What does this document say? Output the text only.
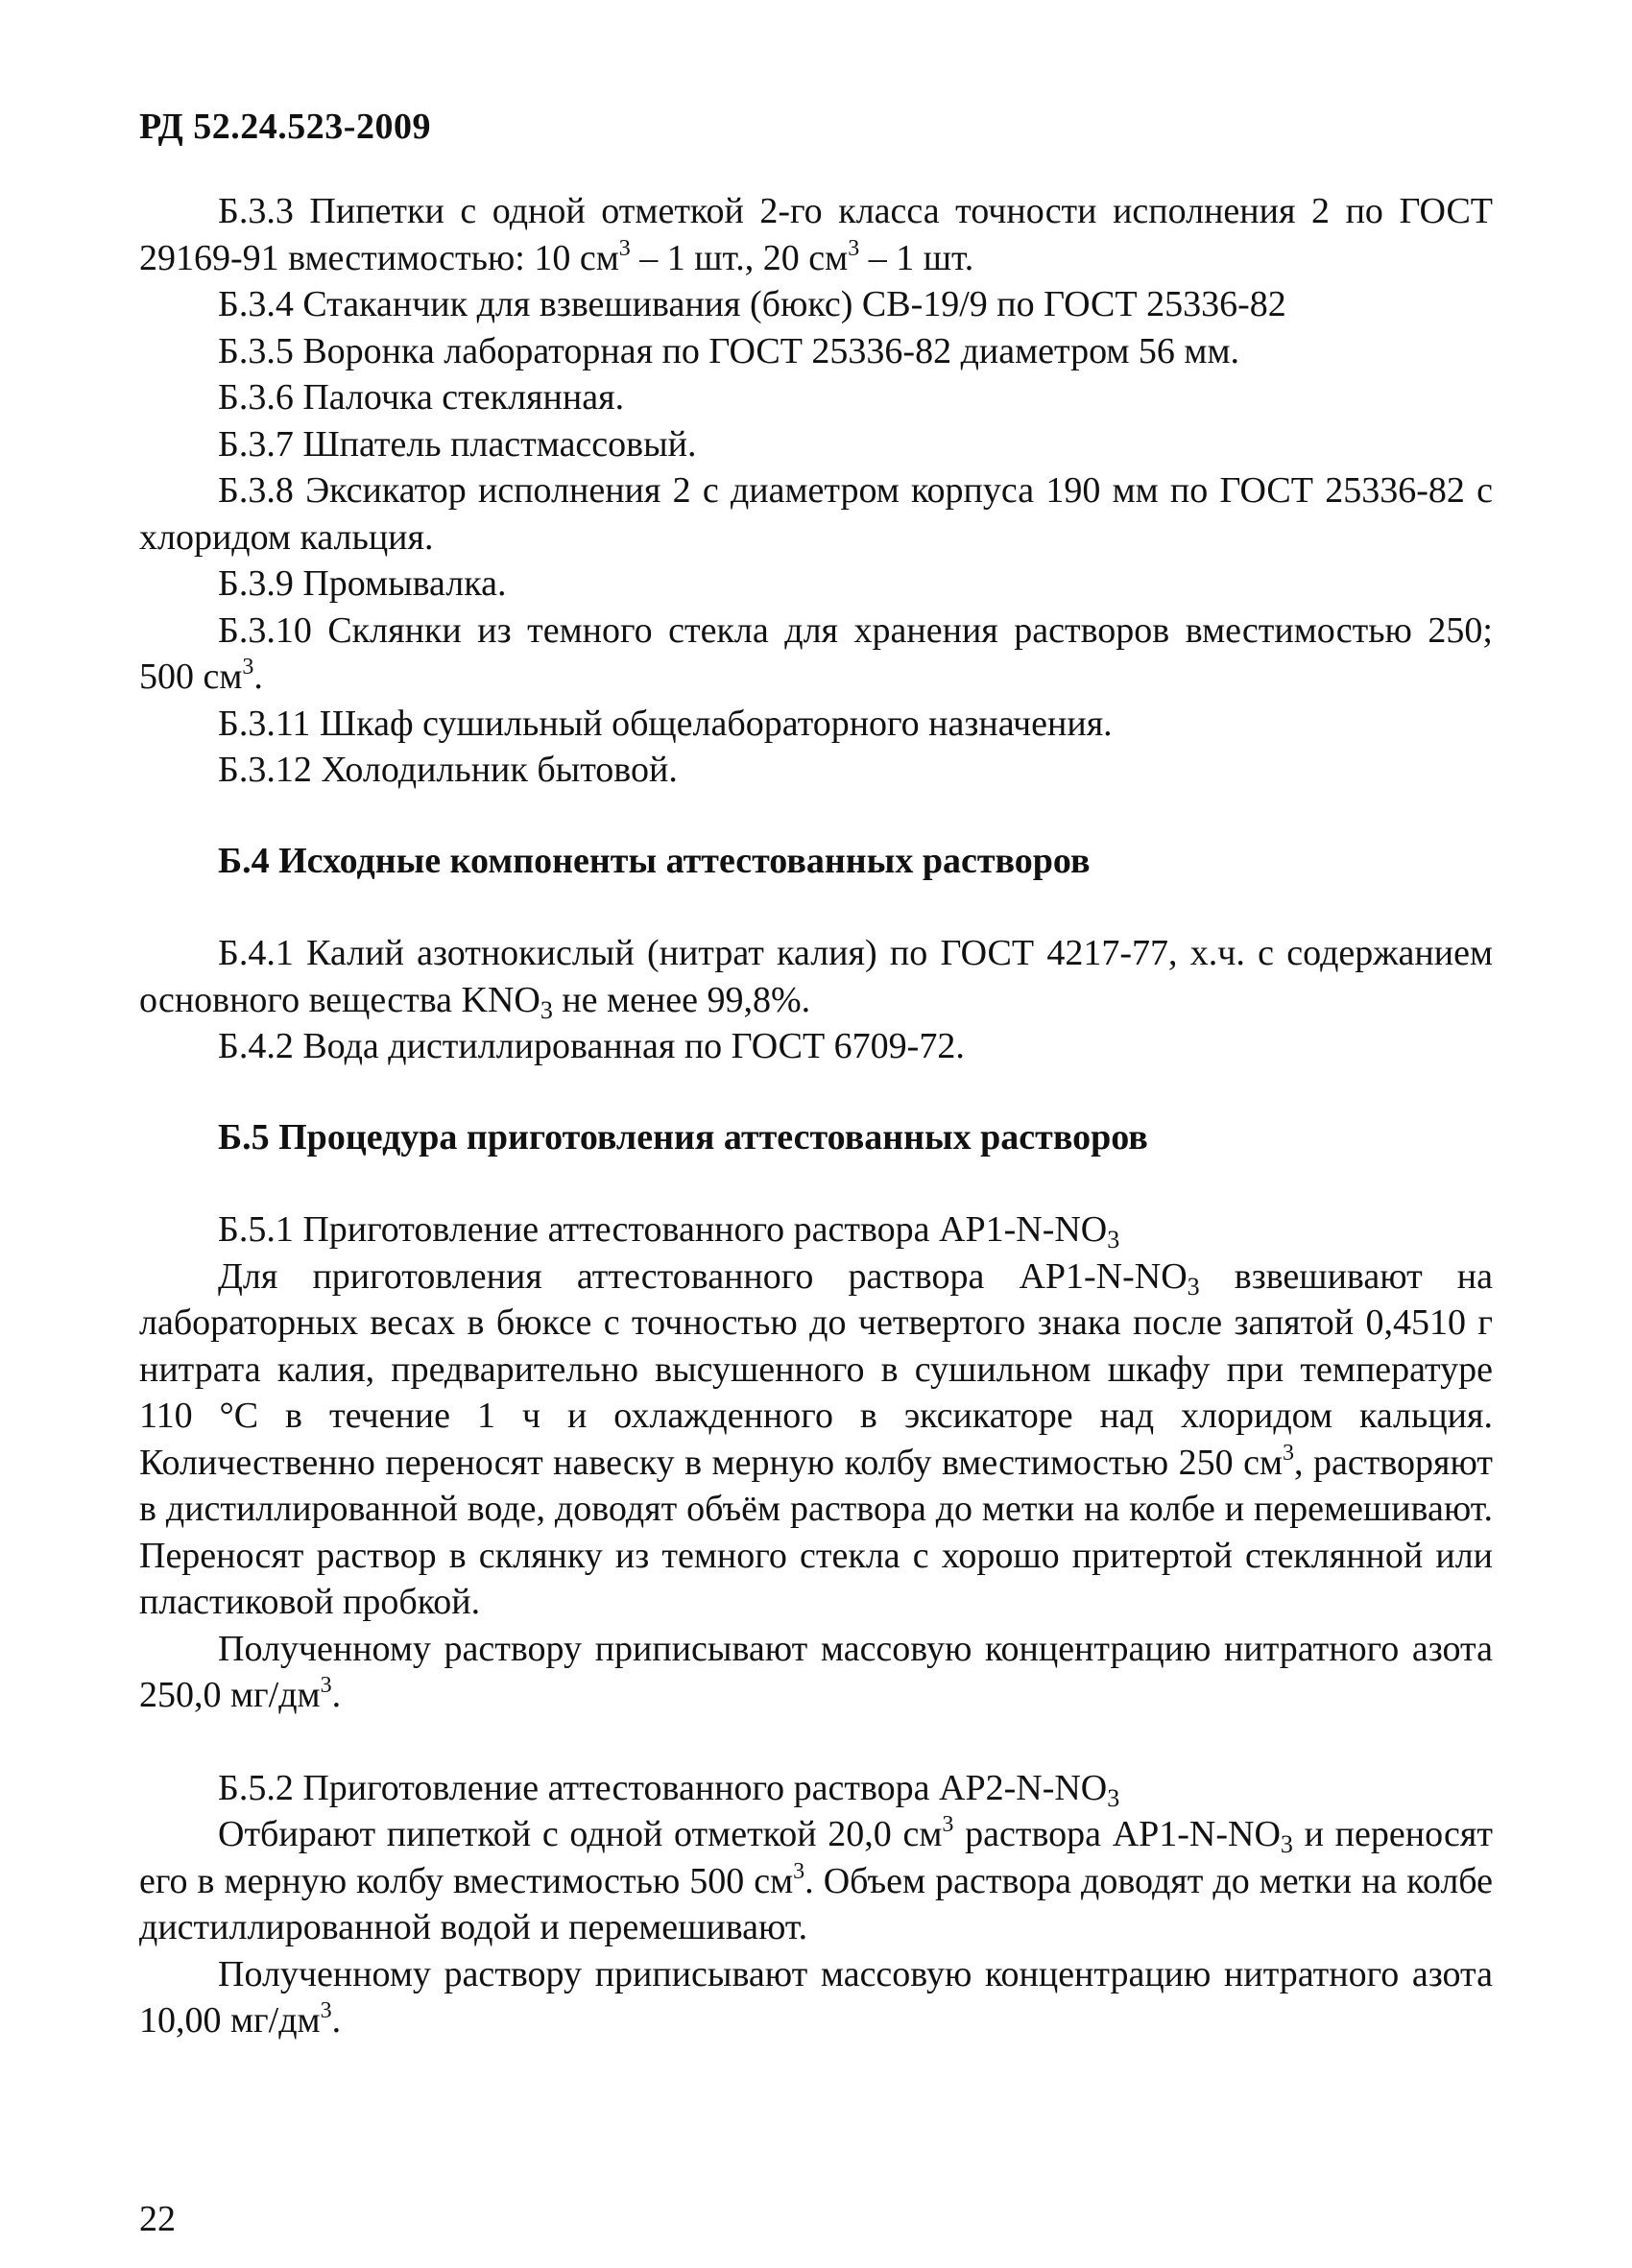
РД 52.24.523-2009

Б.3.3 Пипетки с одной отметкой 2-го класса точности исполнения 2 по ГОСТ 29169-91 вместимостью: 10 $см^3 - 1$ шт., 20 $см^3 - 1$ шт.

Б.3.4 Стаканчик для взвешивания (бюкс) СВ-19/9 по ГОСТ 25336-82

Б.3.5 Воронка лабораторная по ГОСТ 25336-82 диаметром 56 мм.

Б.3.6 Палочка стеклянная.

Б.3.7 Шпатель пластмассовый.

Б.3.8 Эксикатор исполнения 2 с диаметром корпуса 190 мм по ГОСТ 25336-82 с хлоридом кальция.

Б.3.9 Промывалка.

Б.3.10 Склянки из темного стекла для хранения растворов вместимостью 250; 500 $см^3$.

Б.3.11 Шкаф сушильный общелабораторного назначения.

Б.3.12 Холодильник бытовой.

Б.4 Исходные компоненты аттестованных растворов

Б.4.1 Калий азотнокислый (нитрат калия) по ГОСТ 4217-77, х.ч. с содержанием основного вещества $KNO_3$ не менее 99,8%.

Б.4.2 Вода дистиллированная по ГОСТ 6709-72.

Б.5 Процедура приготовления аттестованных растворов

Б.5.1 Приготовление аттестованного раствора $АР1-N-NO_3$

Для приготовления аттестованного раствора $АР1-N-NO_3$ взвешивают на лабораторных весах в бюксе с точностью до четвертого знака после запятой 0,4510 г нитрата калия, предварительно высушенного в сушильном шкафу при температуре 110 °С в течение 1 ч и охлажденного в эксикаторе над хлоридом кальция. Количественно переносят навеску в мерную колбу вместимостью 250 $см^3$, растворяют в дистиллированной воде, доводят объём раствора до метки на колбе и перемешивают. Переносят раствор в склянку из темного стекла с хорошо притертой стеклянной или пластиковой пробкой.

Полученному раствору приписывают массовую концентрацию нитратного азота 250,0 $мг/дм^3$.

Б.5.2 Приготовление аттестованного раствора $АР2-N-NO_3$

Отбирают пипеткой с одной отметкой 20,0 $см^3$ раствора $АР1-N-NO_3$ и переносят его в мерную колбу вместимостью 500 $см^3$. Объем раствора доводят до метки на колбе дистиллированной водой и перемешивают.

Полученному раствору приписывают массовую концентрацию нитратного азота 10,00 $мг/дм^3$.

22
